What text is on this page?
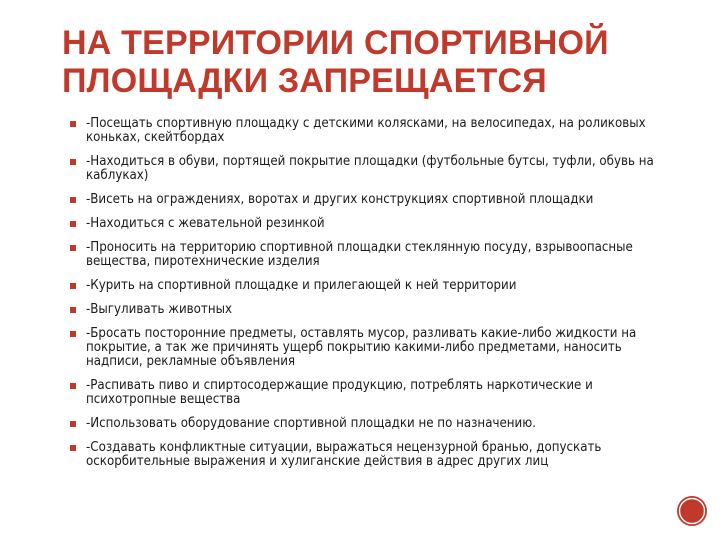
НА ТЕРРИТОРИИ СПОРТИВНОЙ
ПЛОЩАДКИ ЗАПРЕЩАЕТСЯ
-Посещать спортивную площадку с детскими колясками, на велосипедах, на роликовых коньках, скейтбордах
-Находиться в обуви, портящей покрытие площадки (футбольные бутсы, туфли, обувь на каблуках)
-Висеть на ограждениях, воротах и других конструкциях спортивной площадки
-Находиться с жевательной резинкой
-Проносить на территорию спортивной площадки стеклянную посуду, взрывоопасные вещества, пиротехнические изделия
-Курить на спортивной площадке и прилегающей к ней территории
-Выгуливать животных
-Бросать посторонние предметы, оставлять мусор, разливать какие-либо жидкости на покрытие, а так же причинять ущерб покрытию какими-либо предметами, наносить надписи, рекламные объявления
-Распивать пиво и спиртосодержащие продукцию, потреблять наркотические и психотропные вещества
-Использовать оборудование спортивной площадки не по назначению.
-Создавать конфликтные ситуации, выражаться нецензурной бранью, допускать оскорбительные выражения и хулиганские действия в адрес других лиц
